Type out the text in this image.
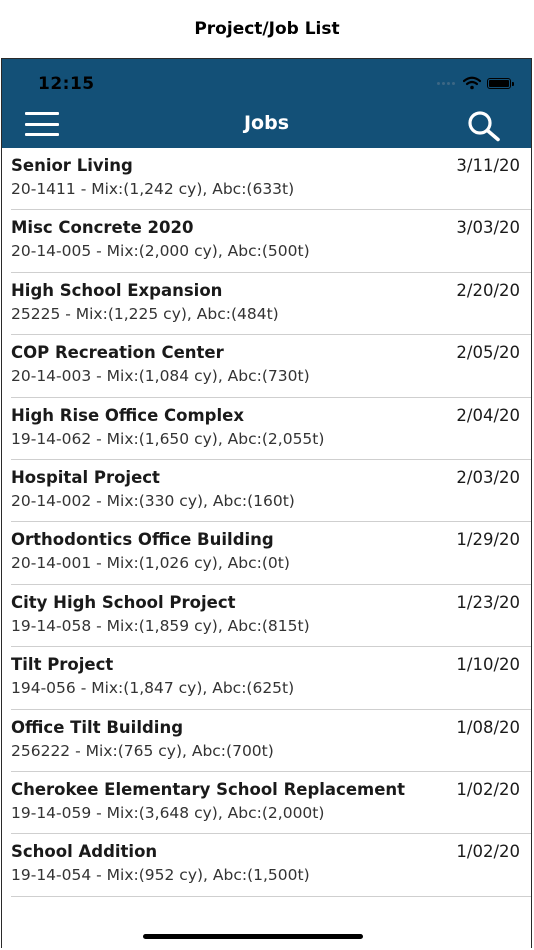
Project/Job List
12:15
Jobs
Senior Living
20-1411 - Mix:(1,242 cy), Abc:(633t)
3/11/20
Misc Concrete 2020
20-14-005 - Mix:(2,000 cy), Abc:(500t)
3/03/20
High School Expansion
25225 - Mix:(1,225 cy), Abc:(484t)
2/20/20
COP Recreation Center
20-14-003 - Mix:(1,084 cy), Abc:(730t)
2/05/20
High Rise Office Complex
19-14-062 - Mix:(1,650 cy), Abc:(2,055t)
2/04/20
Hospital Project
20-14-002 - Mix:(330 cy), Abc:(160t)
2/03/20
Orthodontics Office Building
20-14-001 - Mix:(1,026 cy), Abc:(0t)
1/29/20
City High School Project
19-14-058 - Mix:(1,859 cy), Abc:(815t)
1/23/20
Tilt Project
194-056 - Mix:(1,847 cy), Abc:(625t)
1/10/20
Office Tilt Building
256222 - Mix:(765 cy), Abc:(700t)
1/08/20
Cherokee Elementary School Replacement
19-14-059 - Mix:(3,648 cy), Abc:(2,000t)
1/02/20
School Addition
19-14-054 - Mix:(952 cy), Abc:(1,500t)
1/02/20
